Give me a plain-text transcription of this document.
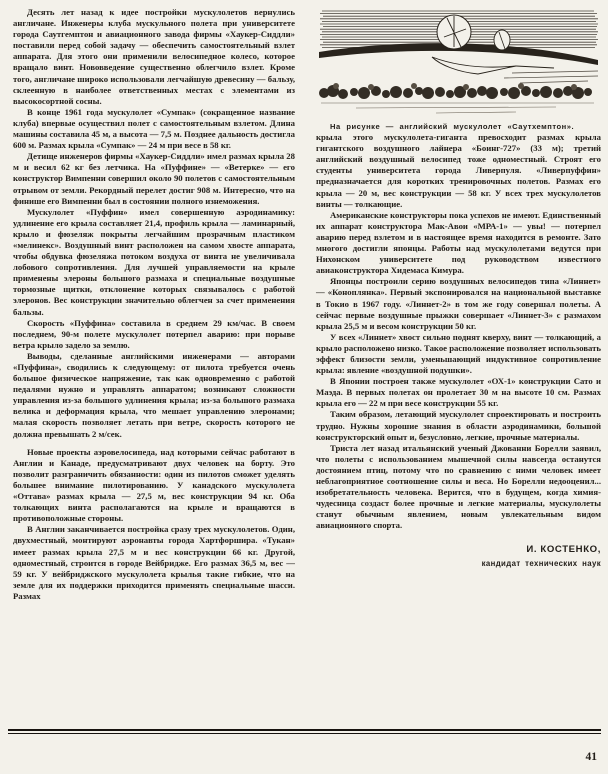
Десять лет назад к идее постройки мускулолетов вернулись англичане. Инженеры клуба мускульного полета при университете города Саутгемптон и авиационного завода фирмы «Хаукер-Сиддли» поставили перед собой задачу — обеспечить самостоятельный взлет аппарата. Для этого они применили велосипедное колесо, которое вращало винт. Нововведение существенно облегчило взлет. Кроме того, англичане широко использовали легчайшую древесину — бальзу, склеенную в наиболее ответственных местах с элементами из высокосортной сосны.

В конце 1961 года мускулолет «Сумпак» (сокращенное название клуба) впервые осуществил полет с самостоятельным взлетом. Длина машины составила 45 м, а высота — 7,5 м. Позднее дальность достигла 600 м. Размах крыла «Сумпак» — 24 м при весе в 58 кг.

Детище инженеров фирмы «Хаукер-Сиддли» имел размах крыла 28 м и весил 62 кг без летчика. На «Пуффине» — «Ветерке» — его конструктор Вимпенни совершил около 90 полетов с самостоятельным отрывом от земли. Рекордный перелет достиг 908 м. Интересно, что на финише его Вимпенни был в состоянии полного изнеможения.

Мускулолет «Пуффин» имел совершенную аэродинамику: удлинение его крыла составляет 21,4, профиль крыла — ламинарный, крыло и фюзеляж покрыты легчайшим прозрачным пластиком «мелинекс». Воздушный винт расположен на самом хвосте аппарата, чтобы обдувка фюзеляжа потоком воздуха от винта не увеличивала лобового сопротивления. Для лучшей управляемости на крыле применены элероны большого размаха и специальные воздушные тормозные щитки, отклонение которых связывалось с работой элеронов. Вес конструкции значительно облегчен за счет применения бальзы.

Скорость «Пуффина» составила в среднем 29 км/час. В своем последнем, 90-м полете мускулолет потерпел аварию: при порыве ветра крыло задело за землю.

Выводы, сделанные английскими инженерами — авторами «Пуффина», сводились к следующему: от пилота требуется очень большое физическое напряжение, так как одновременно с работой педалями нужно и управлять аппаратом; возникают сложности управления из-за большого удлинения крыла; из-за большого размаха велика и деформация крыла, что мешает управлению элеронами; малая скорость позволяет летать при ветре, скорость которого не должна превышать 2 м/сек.

Новые проекты аэровелосипеда, над которыми сейчас работают в Англии и Канаде, предусматривают двух человек на борту. Это позволит разграничить обязанности: один из пилотов сможет уделять большее внимание пилотированию. У канадского мускулолета «Оттава» размах крыла — 27,5 м, вес конструкции 94 кг. Оба толкающих винта располагаются на крыле и вращаются в противоположные стороны.

В Англии заканчивается постройка сразу трех мускулолетов. Один, двухместный, монтируют аэронавты города Хартфоршира. «Тукан» имеет размах крыла 27,5 м и вес конструкции 66 кг. Другой, одноместный, строится в городе Вейбридже. Его размах 36,5 м, вес — 59 кг. У вейбриджского мускулолета крылья такие гибкие, что на земле для их поддержки приходится применять специальные шасси. Размах

На рисунке — английский мускулолет «Саутхемптон».

крыла этого мускулолета-гиганта превосходит размах крыла гигантского воздушного лайнера «Боинг-727» (33 м); третий английский воздушный велосипед тоже одноместный. Строят его студенты университета города Ливерпуля. «Ливерпуффин» предназначается для коротких тренировочных полетов. Размах его крыла — 20 м, вес конструкции — 58 кг. У всех трех мускулолетов винты — толкающие.

Американские конструкторы пока успехов не имеют. Единственный их аппарат конструктора Мак-Авои «МРА-1» — увы! — потерпел аварию перед взлетом и в настоящее время находится в ремонте. Зато многого достигли японцы. Работы над мускулолетами ведутся при Нихонском университете под руководством известного авиаконструктора Хидемаса Кимура.

Японцы построили серию воздушных велосипедов типа «Линнет» — «Коноплянка». Первый экспонировался на национальной выставке в Токио в 1967 году. «Линнет-2» в том же году совершал полеты. А сейчас первые воздушные прыжки совершает «Линнет-3» с размахом крыла 25,5 м и весом конструкции 50 кг.

У всех «Линнет» хвост сильно поднят кверху, винт — толкающий, а крыло расположено низко. Такое расположение позволяет использовать эффект близости земли, уменьшающий индуктивное сопротивление крыла: явление «воздушной подушки».

В Японии построен также мускулолет «ОХ-1» конструкции Сато и Маэда. В первых полетах он пролетает 30 м на высоте 10 см. Размах крыла его — 22 м при весе конструкции 55 кг.

Таким образом, летающий мускулолет спроектировать и построить трудно. Нужны хорошие знания в области аэродинамики, большой конструкторский опыт и, безусловно, легкие, прочные материалы.

Триста лет назад итальянский ученый Джованни Борелли заявил, что полеты с использованием мышечной силы навсегда останутся достоянием птиц, потому что по сравнению с ними человек имеет неблагоприятное соотношение силы и веса. Но Борелли недооценил... изобретательность человека. Верится, что в будущем, когда химия-чудесница создаст более прочные и легкие материалы, мускулолеты станут обычным явлением, новым увлекательным видом авиационного спорта.

И. КОСТЕНКО,
кандидат технических наук
41
